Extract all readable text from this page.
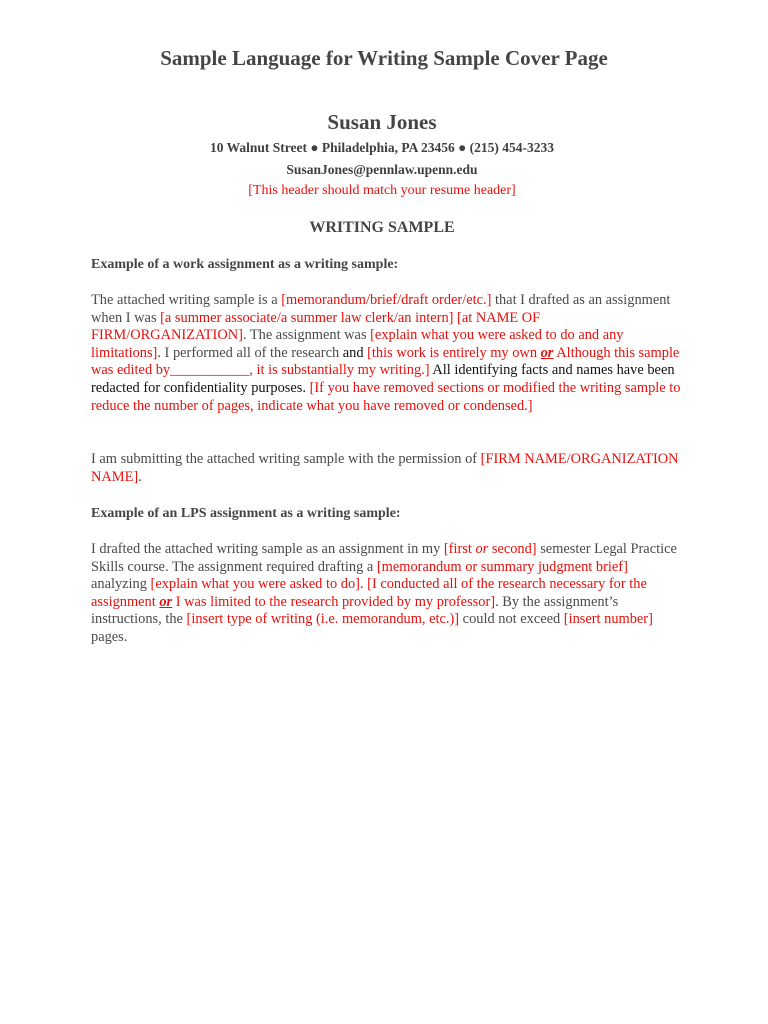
Sample Language for Writing Sample Cover Page
Susan Jones
10 Walnut Street ● Philadelphia, PA 23456 ● (215) 454-3233
SusanJones@pennlaw.upenn.edu
[This header should match your resume header]
WRITING SAMPLE
Example of a work assignment as a writing sample:
The attached writing sample is a [memorandum/brief/draft order/etc.] that I drafted as an assignment when I was [a summer associate/a summer law clerk/an intern] [at NAME OF FIRM/ORGANIZATION]. The assignment was [explain what you were asked to do and any limitations]. I performed all of the research and [this work is entirely my own or Although this sample was edited by___________, it is substantially my writing.] All identifying facts and names have been redacted for confidentiality purposes. [If you have removed sections or modified the writing sample to reduce the number of pages, indicate what you have removed or condensed.]
I am submitting the attached writing sample with the permission of [FIRM NAME/ORGANIZATION NAME].
Example of an LPS assignment as a writing sample:
I drafted the attached writing sample as an assignment in my [first or second] semester Legal Practice Skills course. The assignment required drafting a [memorandum or summary judgment brief] analyzing [explain what you were asked to do]. [I conducted all of the research necessary for the assignment or I was limited to the research provided by my professor]. By the assignment’s instructions, the [insert type of writing (i.e. memorandum, etc.)] could not exceed [insert number] pages.
